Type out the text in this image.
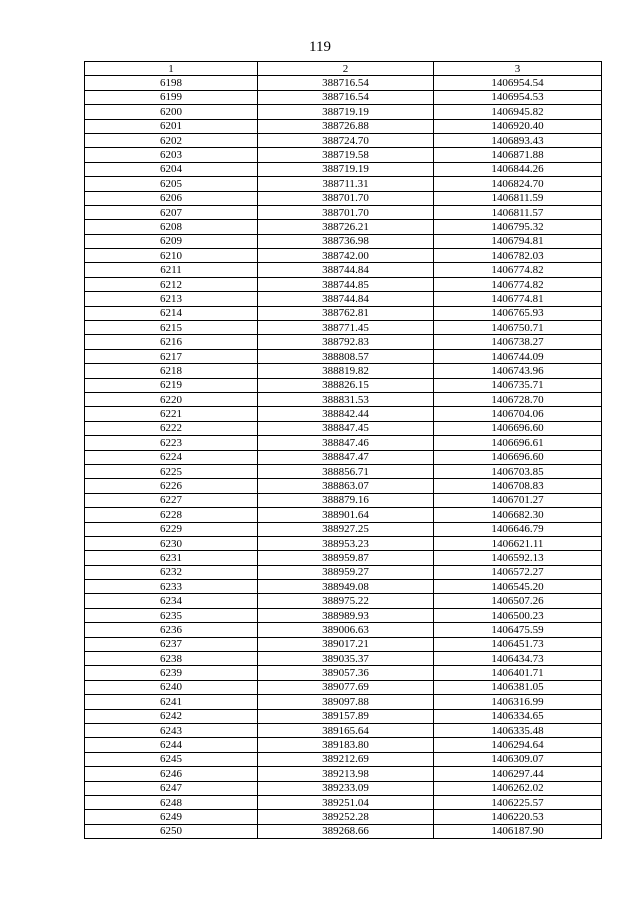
119
1	2	3
6198	388716.54	1406954.54
6199	388716.54	1406954.53
6200	388719.19	1406945.82
6201	388726.88	1406920.40
6202	388724.70	1406893.43
6203	388719.58	1406871.88
6204	388719.19	1406844.26
6205	388711.31	1406824.70
6206	388701.70	1406811.59
6207	388701.70	1406811.57
6208	388726.21	1406795.32
6209	388736.98	1406794.81
6210	388742.00	1406782.03
6211	388744.84	1406774.82
6212	388744.85	1406774.82
6213	388744.84	1406774.81
6214	388762.81	1406765.93
6215	388771.45	1406750.71
6216	388792.83	1406738.27
6217	388808.57	1406744.09
6218	388819.82	1406743.96
6219	388826.15	1406735.71
6220	388831.53	1406728.70
6221	388842.44	1406704.06
6222	388847.45	1406696.60
6223	388847.46	1406696.61
6224	388847.47	1406696.60
6225	388856.71	1406703.85
6226	388863.07	1406708.83
6227	388879.16	1406701.27
6228	388901.64	1406682.30
6229	388927.25	1406646.79
6230	388953.23	1406621.11
6231	388959.87	1406592.13
6232	388959.27	1406572.27
6233	388949.08	1406545.20
6234	388975.22	1406507.26
6235	388989.93	1406500.23
6236	389006.63	1406475.59
6237	389017.21	1406451.73
6238	389035.37	1406434.73
6239	389057.36	1406401.71
6240	389077.69	1406381.05
6241	389097.88	1406316.99
6242	389157.89	1406334.65
6243	389165.64	1406335.48
6244	389183.80	1406294.64
6245	389212.69	1406309.07
6246	389213.98	1406297.44
6247	389233.09	1406262.02
6248	389251.04	1406225.57
6249	389252.28	1406220.53
6250	389268.66	1406187.90
